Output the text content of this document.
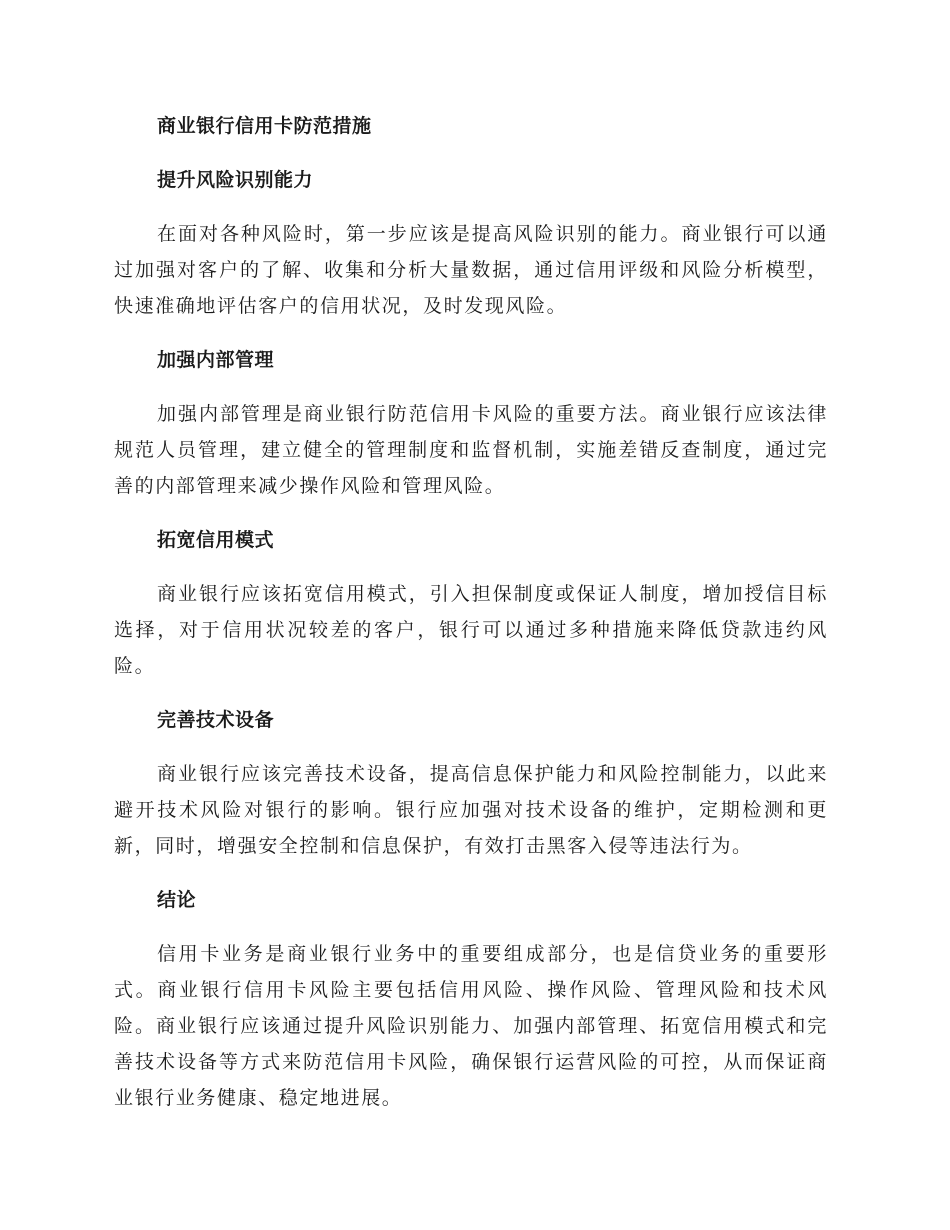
商业银行信用卡防范措施
提升风险识别能力

在面对各种风险时，第一步应该是提高风险识别的能力。商业银行可以通过加强对客户的了解、收集和分析大量数据，通过信用评级和风险分析模型，快速准确地评估客户的信用状况，及时发现风险。

加强内部管理

加强内部管理是商业银行防范信用卡风险的重要方法。商业银行应该法律规范人员管理，建立健全的管理制度和监督机制，实施差错反查制度，通过完善的内部管理来减少操作风险和管理风险。

拓宽信用模式

商业银行应该拓宽信用模式，引入担保制度或保证人制度，增加授信目标选择，对于信用状况较差的客户，银行可以通过多种措施来降低贷款违约风险。

完善技术设备

商业银行应该完善技术设备，提高信息保护能力和风险控制能力，以此来避开技术风险对银行的影响。银行应加强对技术设备的维护，定期检测和更新，同时，增强安全控制和信息保护，有效打击黑客入侵等违法行为。

结论

信用卡业务是商业银行业务中的重要组成部分，也是信贷业务的重要形式。商业银行信用卡风险主要包括信用风险、操作风险、管理风险和技术风险。商业银行应该通过提升风险识别能力、加强内部管理、拓宽信用模式和完善技术设备等方式来防范信用卡风险，确保银行运营风险的可控，从而保证商业银行业务健康、稳定地进展。
